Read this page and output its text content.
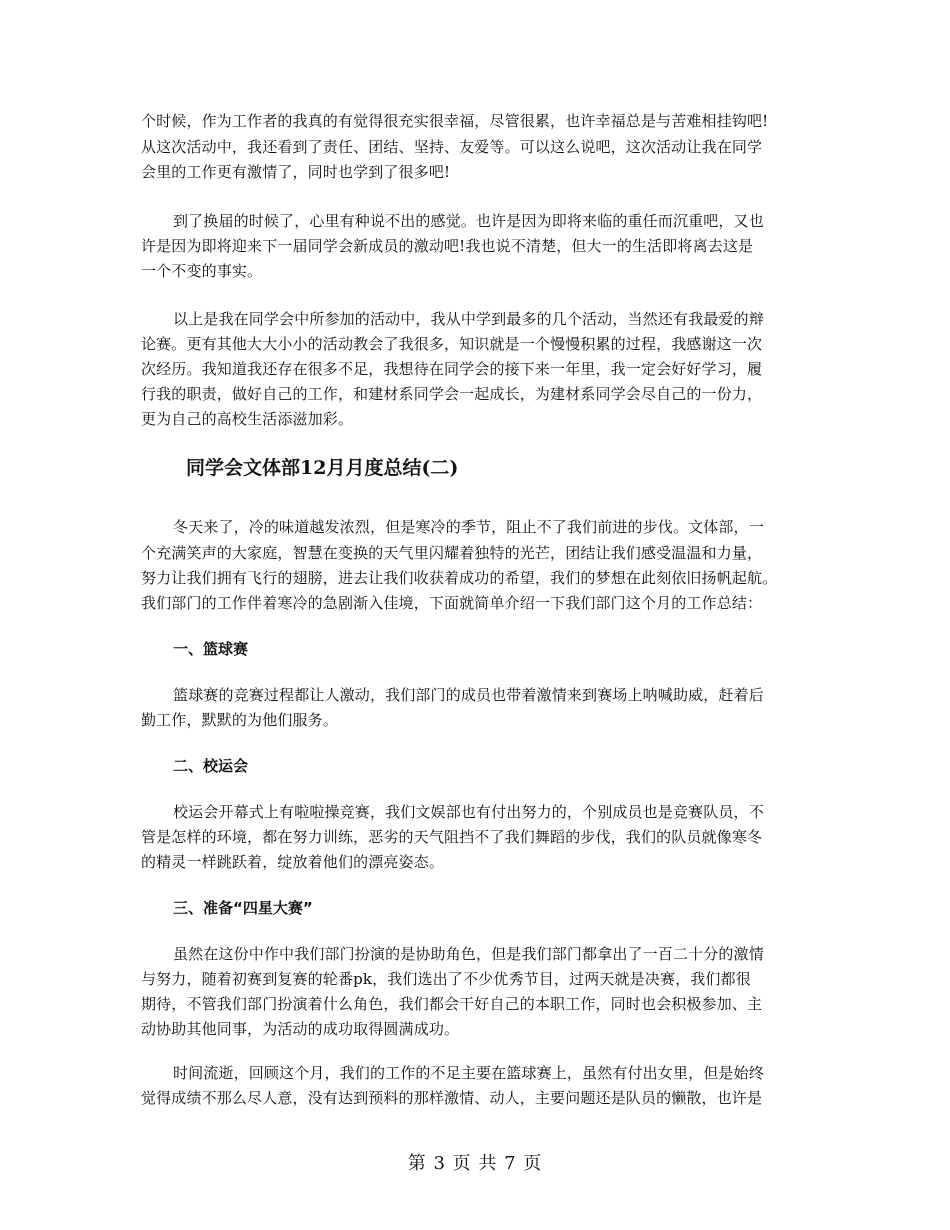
个时候，作为工作者的我真的有觉得很充实很幸福，尽管很累，也许幸福总是与苦难相挂钩吧!

从这次活动中，我还看到了责任、团结、坚持、友爱等。可以这么说吧，这次活动让我在同学

会里的工作更有激情了，同时也学到了很多吧!

到了换届的时候了，心里有种说不出的感觉。也许是因为即将来临的重任而沉重吧，又也

许是因为即将迎来下一届同学会新成员的激动吧!我也说不清楚，但大一的生活即将离去这是

一个不变的事实。

以上是我在同学会中所参加的活动中，我从中学到最多的几个活动，当然还有我最爱的辩

论赛。更有其他大大小小的活动教会了我很多，知识就是一个慢慢积累的过程，我感谢这一次

次经历。我知道我还存在很多不足，我想待在同学会的接下来一年里，我一定会好好学习，履

行我的职责，做好自己的工作，和建材系同学会一起成长，为建材系同学会尽自己的一份力，

更为自己的高校生活添滋加彩。

同学会文体部12月月度总结(二)

冬天来了，冷的味道越发浓烈，但是寒冷的季节，阻止不了我们前进的步伐。文体部，一

个充满笑声的大家庭，智慧在变换的天气里闪耀着独特的光芒，团结让我们感受温温和力量，

努力让我们拥有飞行的翅膀，进去让我们收获着成功的希望，我们的梦想在此刻依旧扬帆起航。

我们部门的工作伴着寒冷的急剧渐入佳境，下面就简单介绍一下我们部门这个月的工作总结：

一、篮球赛

篮球赛的竞赛过程都让人激动，我们部门的成员也带着激情来到赛场上呐喊助威，赶着后

勤工作，默默的为他们服务。

二、校运会

校运会开幕式上有啦啦操竞赛，我们文娱部也有付出努力的，个别成员也是竞赛队员，不

管是怎样的环境，都在努力训练，恶劣的天气阻挡不了我们舞蹈的步伐，我们的队员就像寒冬

的精灵一样跳跃着，绽放着他们的漂亮姿态。

三、准备“四星大赛”

虽然在这份中作中我们部门扮演的是协助角色，但是我们部门都拿出了一百二十分的激情

与努力，随着初赛到复赛的轮番pk，我们选出了不少优秀节目，过两天就是决赛，我们都很

期待，不管我们部门扮演着什么角色，我们都会干好自己的本职工作，同时也会积极参加、主

动协助其他同事，为活动的成功取得圆满成功。

时间流逝，回顾这个月，我们的工作的不足主要在篮球赛上，虽然有付出女里，但是始终

觉得成绩不那么尽人意，没有达到预料的那样激情、动人，主要问题还是队员的懒散，也许是

第 3 页 共 7 页
